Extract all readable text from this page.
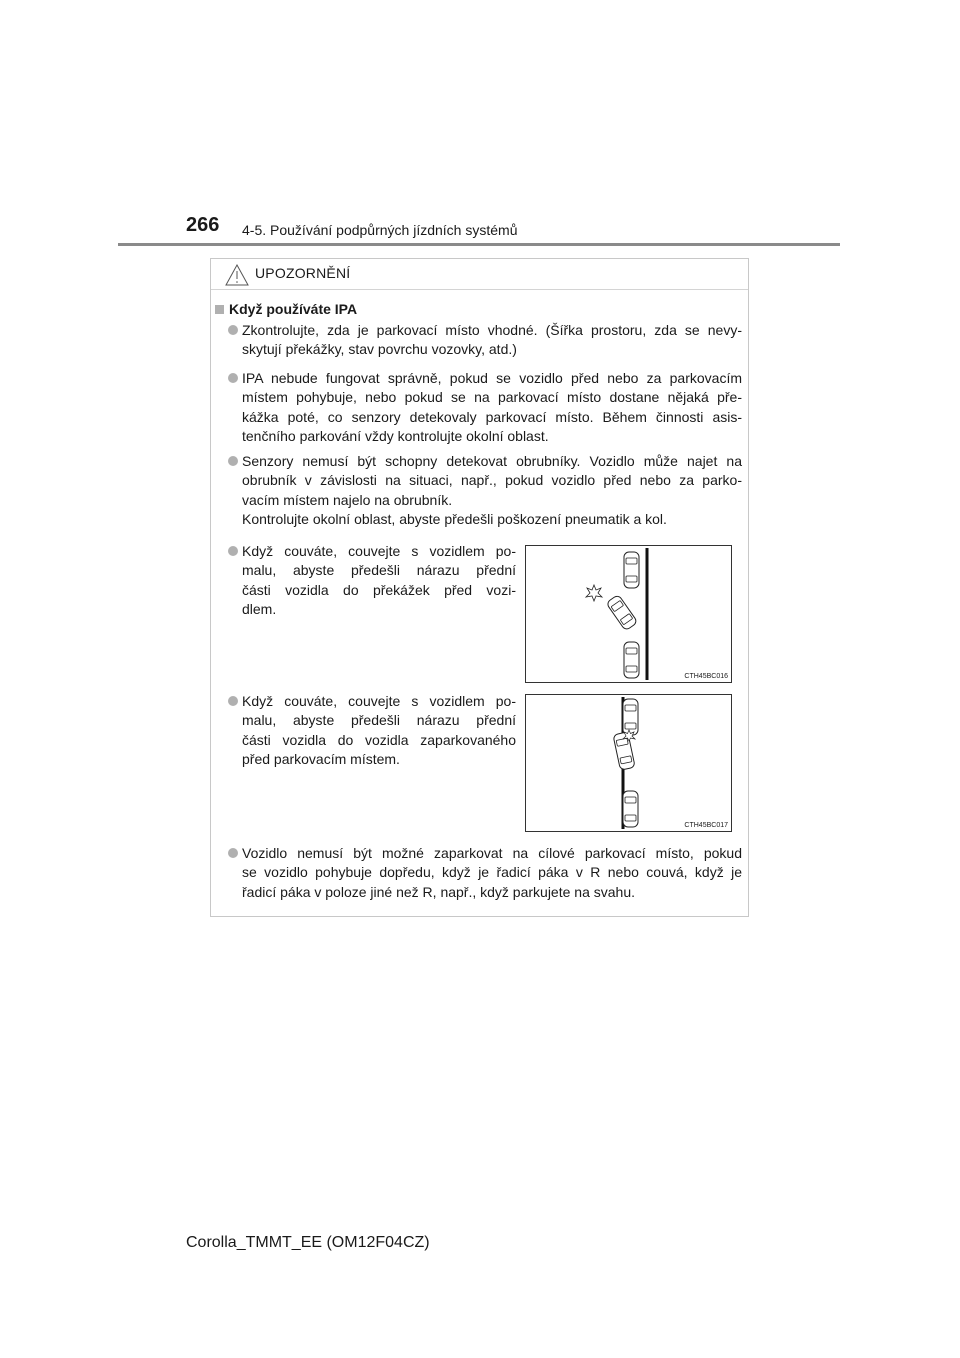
266 4-5. Používání podpůrných jízdních systémů
UPOZORNĚNÍ
Když používáte IPA
Zkontrolujte, zda je parkovací místo vhodné. (Šířka prostoru, zda se nevy-
skytují překážky, stav povrchu vozovky, atd.)
IPA nebude fungovat správně, pokud se vozidlo před nebo za parkovacím
místem pohybuje, nebo pokud se na parkovací místo dostane nějaká pře-
kážka poté, co senzory detekovaly parkovací místo. Během činnosti asis-
tenčního parkování vždy kontrolujte okolní oblast.
Senzory nemusí být schopny detekovat obrubníky. Vozidlo může najet na
obrubník v závislosti na situaci, např., pokud vozidlo před nebo za parko-
vacím místem najelo na obrubník.
Kontrolujte okolní oblast, abyste předešli poškození pneumatik a kol.
Když couváte, couvejte s vozidlem po-
malu, abyste předešli nárazu přední
části vozidla do překážek před vozi-
dlem.
CTH45BC016
Když couváte, couvejte s vozidlem po-
malu, abyste předešli nárazu přední
části vozidla do vozidla zaparkovaného
před parkovacím místem.
CTH45BC017
Vozidlo nemusí být možné zaparkovat na cílové parkovací místo, pokud
se vozidlo pohybuje dopředu, když je řadicí páka v R nebo couvá, když je
řadicí páka v poloze jiné než R, např., když parkujete na svahu.
Corolla_TMMT_EE (OM12F04CZ)
